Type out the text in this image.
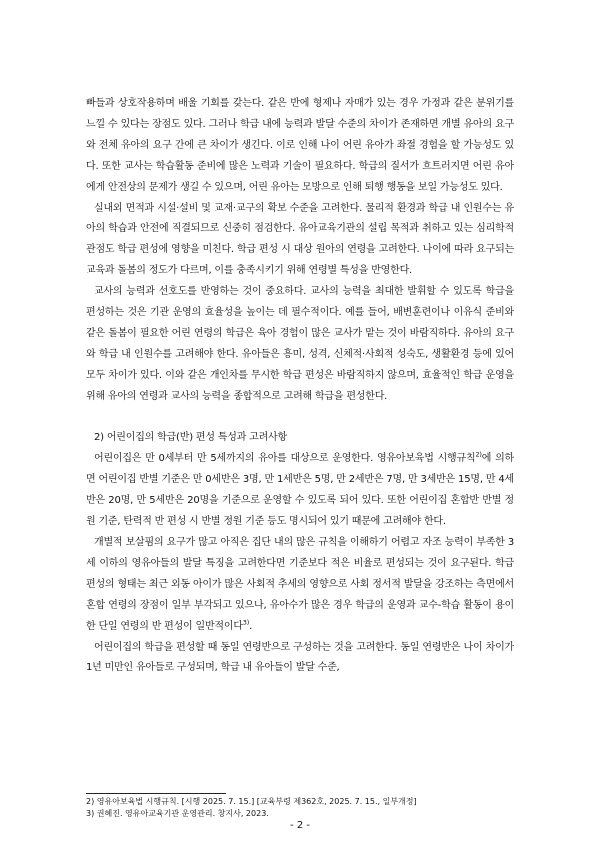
빠들과 상호작용하며 배울 기회를 갖는다. 같은 반에 형제나 자매가 있는 경우 가정과 같은 분위기를 느낄 수 있다는 장점도 있다. 그러나 학급 내에 능력과 발달 수준의 차이가 존재하면 개별 유아의 요구와 전체 유아의 요구 간에 큰 차이가 생긴다. 이로 인해 나이 어린 유아가 좌절 경험을 할 가능성도 있다. 또한 교사는 학습활동 준비에 많은 노력과 기술이 필요하다. 학급의 질서가 흐트러지면 어린 유아에게 안전상의 문제가 생길 수 있으며, 어린 유아는 모방으로 인해 퇴행 행동을 보일 가능성도 있다.

실내외 면적과 시설·설비 및 교재·교구의 확보 수준을 고려한다. 물리적 환경과 학급 내 인원수는 유아의 학습과 안전에 직결되므로 신중히 점검한다. 유아교육기관의 설립 목적과 취하고 있는 심리학적 관점도 학급 편성에 영향을 미친다. 학급 편성 시 대상 원아의 연령을 고려한다. 나이에 따라 요구되는 교육과 돌봄의 정도가 다르며, 이를 충족시키기 위해 연령별 특성을 반영한다.

교사의 능력과 선호도를 반영하는 것이 중요하다. 교사의 능력을 최대한 발휘할 수 있도록 학급을 편성하는 것은 기관 운영의 효율성을 높이는 데 필수적이다. 예를 들어, 배변훈련이나 이유식 준비와 같은 돌봄이 필요한 어린 연령의 학급은 육아 경험이 많은 교사가 맡는 것이 바람직하다. 유아의 요구와 학급 내 인원수를 고려해야 한다. 유아들은 흥미, 성격, 신체적·사회적 성숙도, 생활환경 등에 있어 모두 차이가 있다. 이와 같은 개인차를 무시한 학급 편성은 바람직하지 않으며, 효율적인 학급 운영을 위해 유아의 연령과 교사의 능력을 종합적으로 고려해 학급을 편성한다.

2) 어린이집의 학급(반) 편성 특성과 고려사항

어린이집은 만 0세부터 만 5세까지의 유아를 대상으로 운영한다. 영유아보육법 시행규칙$^{2)}$에 의하면 어린이집 반별 기준은 만 0세반은 3명, 만 1세반은 5명, 만 2세반은 7명, 만 3세반은 15명, 만 4세반은 20명, 만 5세반은 20명을 기준으로 운영할 수 있도록 되어 있다. 또한 어린이집 혼합반 반별 정원 기준, 탄력적 반 편성 시 반별 정원 기준 등도 명시되어 있기 때문에 고려해야 한다.

개별적 보살핌의 요구가 많고 아직은 집단 내의 많은 규칙을 이해하기 어렵고 자조 능력이 부족한 3세 이하의 영유아들의 발달 특징을 고려한다면 기준보다 적은 비율로 편성되는 것이 요구된다. 학급 편성의 형태는 최근 외동 아이가 많은 사회적 추세의 영향으로 사회 정서적 발달을 강조하는 측면에서 혼합 연령의 장점이 일부 부각되고 있으나, 유아수가 많은 경우 학급의 운영과 교수-학습 활동이 용이한 단일 연령의 반 편성이 일반적이다$^{3)}$.

어린이집의 학급을 편성할 때 동일 연령반으로 구성하는 것을 고려한다. 동일 연령반은 나이 차이가 1년 미만인 유아들로 구성되며, 학급 내 유아들이 발달 수준,

2) 영유아보육법 시행규칙. [시행 2025. 7. 15.] [교육부령 제362호, 2025. 7. 15., 일부개정]
3) 권혜진. 영유아교육기관 운영관리. 창지사, 2023.
- 2 -
